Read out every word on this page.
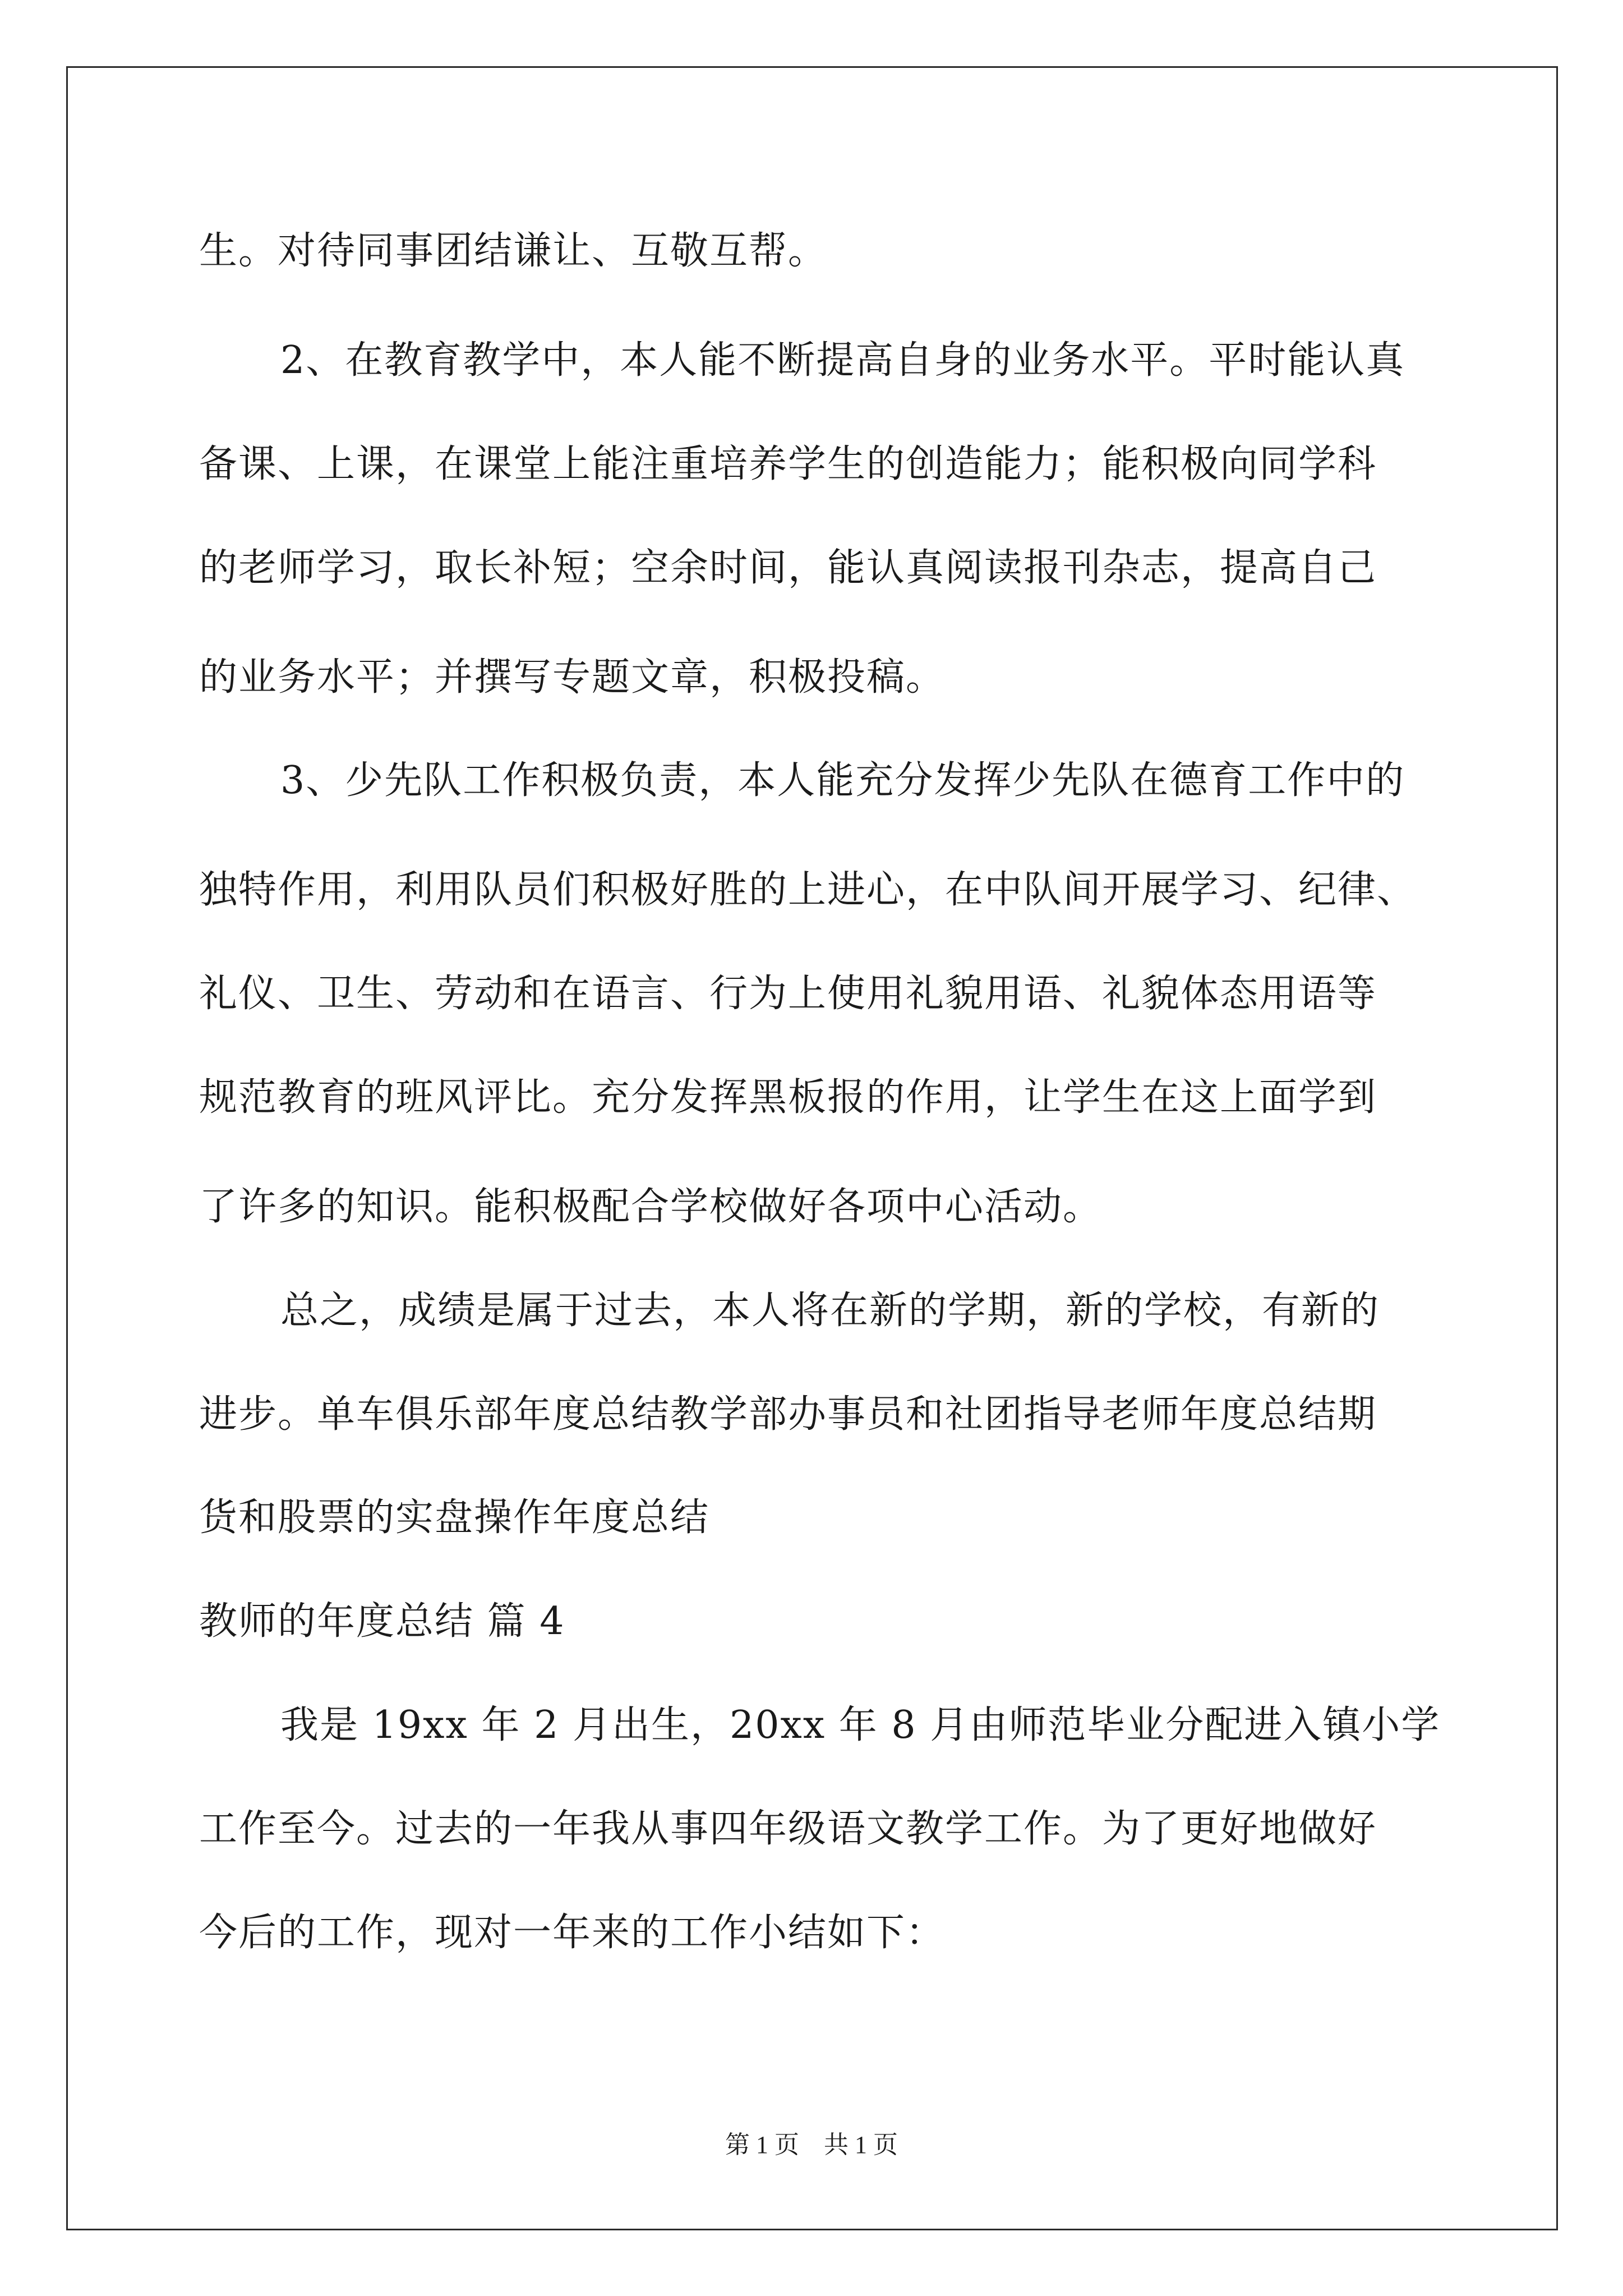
生。对待同事团结谦让、互敬互帮。
2、在教育教学中，本人能不断提高自身的业务水平。平时能认真
备课、上课，在课堂上能注重培养学生的创造能力；能积极向同学科
的老师学习，取长补短；空余时间，能认真阅读报刊杂志，提高自己
的业务水平；并撰写专题文章，积极投稿。
3、少先队工作积极负责，本人能充分发挥少先队在德育工作中的
独特作用，利用队员们积极好胜的上进心，在中队间开展学习、纪律、
礼仪、卫生、劳动和在语言、行为上使用礼貌用语、礼貌体态用语等
规范教育的班风评比。充分发挥黑板报的作用，让学生在这上面学到
了许多的知识。能积极配合学校做好各项中心活动。
总之，成绩是属于过去，本人将在新的学期，新的学校，有新的
进步。单车俱乐部年度总结教学部办事员和社团指导老师年度总结期
货和股票的实盘操作年度总结
教师的年度总结 篇 4
我是 19xx 年 2 月出生，20xx 年 8 月由师范毕业分配进入镇小学
工作至今。过去的一年我从事四年级语文教学工作。为了更好地做好
今后的工作，现对一年来的工作小结如下：
第 1 页　共 1 页
